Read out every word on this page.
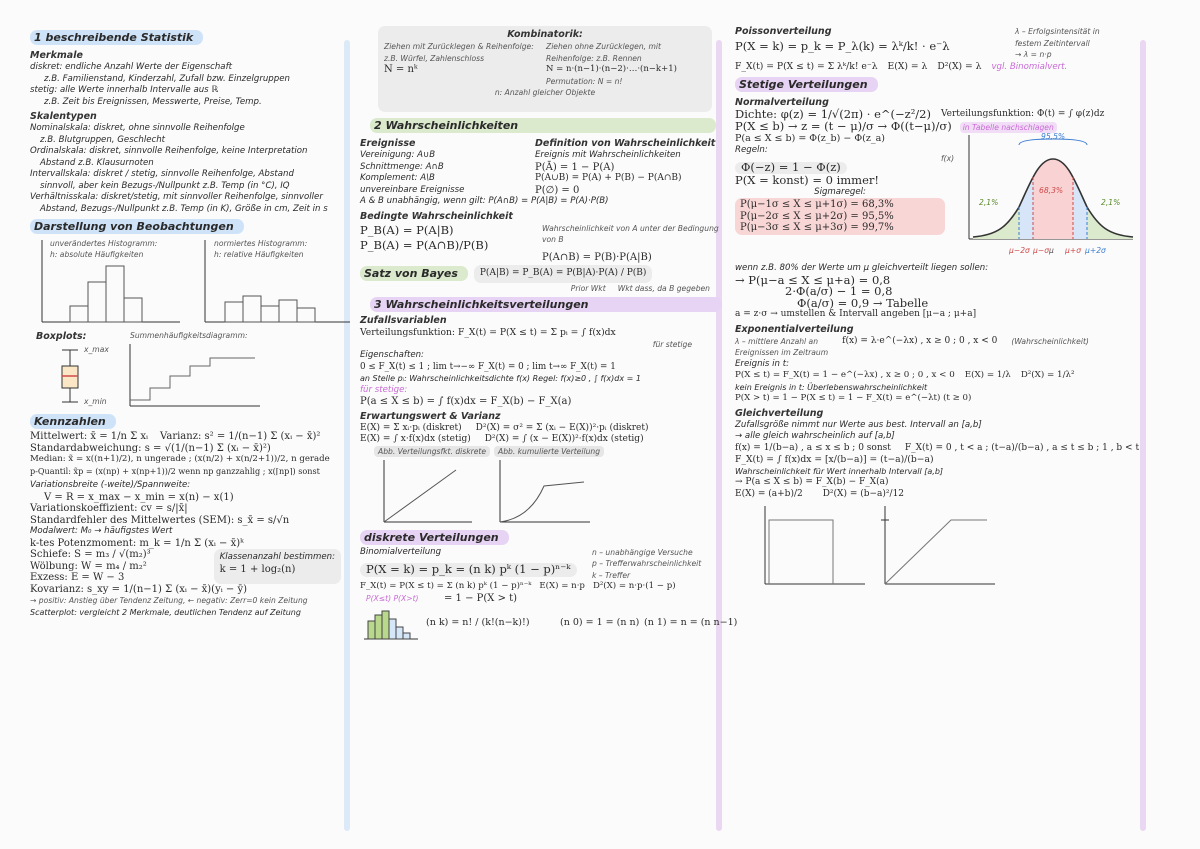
1 beschreibende Statistik
Merkmale
diskret: endliche Anzahl Werte der Eigenschaft
z.B. Familienstand, Kinderzahl, Zufall bzw. Einzelgruppen
stetig: alle Werte innerhalb Intervalle aus ℝ
z.B. Zeit bis Ereignissen, Messwerte, Preise, Temp.
Skalentypen
Nominalskala: diskret, ohne sinnvolle Reihenfolge
z.B. Blutgruppen, Geschlecht
Ordinalskala: diskret, sinnvolle Reihenfolge, keine Interpretation
Abstand z.B. Klausurnoten
Intervallskala: diskret / stetig, sinnvolle Reihenfolge, Abstand
sinnvoll, aber kein Bezugs-/Nullpunkt z.B. Temp (in °C), IQ
Verhältnisskala: diskret/stetig, mit sinnvoller Reihenfolge, sinnvoller
Abstand, Bezugs-/Nullpunkt z.B. Temp (in K), Größe in cm, Zeit in s
Darstellung von Beobachtungen
unverändertes Histogramm:
h: absolute Häufigkeiten
normiertes Histogramm:
h: relative Häufigkeiten
Boxplots:	Summenhäufigkeitsdiagramm:
x_max
x_min
Kennzahlen
Mittelwert: x̄ = 1/n Σ xᵢ Varianz: s² = 1/(n−1) Σ (xᵢ − x̄)²
Standardabweichung: s = √(1/(n−1) Σ (xᵢ − x̄)²)
Median: x̃ = x((n+1)/2), n ungerade ; (x(n/2) + x(n/2+1))/2, n gerade
p-Quantil: x̃p = (x(np) + x(np+1))/2 wenn np ganzzahlig ; x(⌈np⌉) sonst
Variationsbreite (-weite)/Spannweite:
V = R = x_max − x_min = x(n) − x(1)
Variationskoeffizient: cv = s/|x̄|
Standardfehler des Mittelwertes (SEM): s_x̄ = s/√n
Modalwert: M₀ → häufigstes Wert
k-tes Potenzmoment: m_k = 1/n Σ (xᵢ − x̄)ᵏ
Schiefe: S = m₃ / √(m₂)³
Wölbung: W = m₄ / m₂²
Exzess: E = W − 3
Klassenanzahl bestimmen:
k = 1 + log₂(n)
Kovarianz: s_xy = 1/(n−1) Σ (xᵢ − x̄)(yᵢ − ȳ)
→ positiv: Anstieg über Tendenz Zeitung, ← negativ: Zerr=0 kein Zeitung
Scatterplot: vergleicht 2 Merkmale, deutlichen Tendenz auf Zeitung
Kombinatorik:
Ziehen mit Zurücklegen & Reihenfolge: z.B. Würfel, Zahlenschloss
N = nᵏ
Ziehen ohne Zurücklegen, mit Reihenfolge: z.B. Rennen
N = n·(n−1)·(n−2)·…·(n−k+1)
Permutation: N = n!
n: Anzahl gleicher Objekte
2 Wahrscheinlichkeiten
Ereignisse
Vereinigung: A∪B
Schnittmenge: A∩B
Komplement: A\B
unvereinbare Ereignisse
Definition von Wahrscheinlichkeit
Ereignis mit Wahrscheinlichkeiten
P(Ā) = 1 − P(A)
P(A∪B) = P(A) + P(B) − P(A∩B)
P(∅) = 0
A & B unabhängig, wenn gilt: P(A∩B) = P(A|B) = P(A)·P(B)
Bedingte Wahrscheinlichkeit
P_B(A) = P(A|B)
P_B(A) = P(A∩B)/P(B)
Wahrscheinlichkeit von A unter der Bedingung von B
P(A∩B) = P(B)·P(A|B)
Satz von Bayes	P(A|B) = P_B(A) = P(B|A)·P(A) / P(B)
Prior Wkt Wkt dass, da B gegeben
3 Wahrscheinlichkeitsverteilungen
Zufallsvariablen
Verteilungsfunktion: F_X(t) = P(X ≤ t) = Σ pᵢ = ∫ f(x)dx
für stetige
Eigenschaften:
0 ≤ F_X(t) ≤ 1 ; lim t→−∞ F_X(t) = 0 ; lim t→∞ F_X(t) = 1
an Stelle pᵢ: Wahrscheinlichkeitsdichte f(x) Regel: f(x)≥0 , ∫ f(x)dx = 1
für stetige:
P(a ≤ X ≤ b) = ∫ f(x)dx = F_X(b) − F_X(a)
Erwartungswert & Varianz
E(X) = Σ xᵢ·pᵢ (diskret) D²(X) = σ² = Σ (xᵢ − E(X))²·pᵢ (diskret)
E(X) = ∫ x·f(x)dx (stetig) D²(X) = ∫ (x − E(X))²·f(x)dx (stetig)
Abb. Verteilungsfkt. diskrete	Abb. kumulierte Verteilung
diskrete Verteilungen
Binomialverteilung
P(X = k) = p_k = (n k) pᵏ (1 − p)ⁿ⁻ᵏ
n – unabhängige Versuche
p – Trefferwahrscheinlichkeit
k – Treffer
F_X(t) = P(X ≤ t) = Σ (n k) pᵏ (1 − p)ⁿ⁻ᵏ E(X) = n·p D²(X) = n·p·(1 − p)
P(X≤t) P(X>t)	= 1 − P(X > t)
(n k) = n! / (k!(n−k)!)	(n 0) = 1 = (n n) (n 1) = n = (n n−1)
Poissonverteilung
P(X = k) = p_k = P_λ(k) = λᵏ/k! · e⁻λ
λ – Erfolgsintensität in
festem Zeitintervall
→ λ = n·p
F_X(t) = P(X ≤ t) = Σ λᵏ/k! e⁻λ E(X) = λ D²(X) = λ vgl. Binomialvert.
Stetige Verteilungen
Normalverteilung
Dichte: φ(z) = 1/√(2π) · e^(−z²/2) Verteilungsfunktion: Φ(t) = ∫ φ(z)dz
P(X ≤ b) → z = (t − μ)/σ → Φ((t−μ)/σ)	in Tabelle nachschlagen
P(a ≤ X ≤ b) = Φ(z_b) − Φ(z_a)
Regeln:
Φ(−z) = 1 − Φ(z)
P(X = konst) = 0 immer!
Sigmaregel:
P(μ−1σ ≤ X ≤ μ+1σ) = 68,3%
P(μ−2σ ≤ X ≤ μ+2σ) = 95,5%
P(μ−3σ ≤ X ≤ μ+3σ) = 99,7%
f(x)
95,5%
68,3%
2,1%	2,1%
μ−2σ μ−σ μ μ+σ μ+2σ
wenn z.B. 80% der Werte um μ gleichverteilt liegen sollen:
→ P(μ−a ≤ X ≤ μ+a) = 0,8
2·Φ(a/σ) − 1 = 0,8
Φ(a/σ) = 0,9 → Tabelle
a = z·σ → umstellen & Intervall angeben [μ−a ; μ+a]
Exponentialverteilung
λ – mittlere Anzahl an
Ereignissen im Zeitraum
f(x) = λ·e^(−λx) , x ≥ 0 ; 0 , x < 0 (Wahrscheinlichkeit)
Ereignis in t:
P(X ≤ t) = F_X(t) = 1 − e^(−λx) , x ≥ 0 ; 0 , x < 0 E(X) = 1/λ D²(X) = 1/λ²
kein Ereignis in t: Überlebenswahrscheinlichkeit
P(X > t) = 1 − P(X ≤ t) = 1 − F_X(t) = e^(−λt) (t ≥ 0)
Gleichverteilung
Zufallsgröße nimmt nur Werte aus best. Intervall an [a,b]
→ alle gleich wahrscheinlich auf [a,b]
f(x) = 1/(b−a) , a ≤ x ≤ b ; 0 sonst F_X(t) = 0 , t < a ; (t−a)/(b−a) , a ≤ t ≤ b ; 1 , b < t
F_X(t) = ∫ f(x)dx = [x/(b−a)] = (t−a)/(b−a)
Wahrscheinlichkeit für Wert innerhalb Intervall [a,b]
→ P(a ≤ X ≤ b) = F_X(b) − F_X(a)
E(X) = (a+b)/2 D²(X) = (b−a)²/12
